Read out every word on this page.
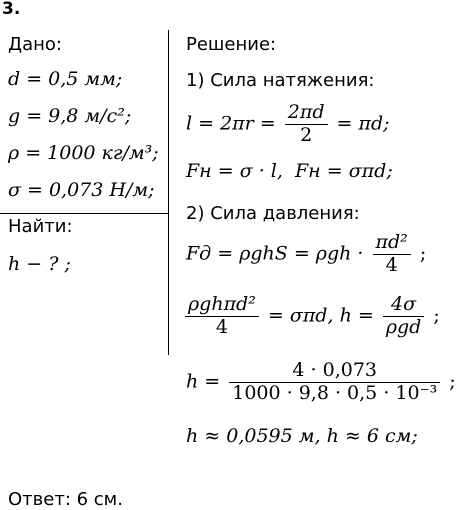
3.
Дано:
d = 0,5 мм;
g = 9,8 м/с²;
ρ = 1000 кг/м³;
σ = 0,073 Н/м;
Найти:
h − ? ;
Решение:
1) Сила натяжения:
$l = 2\pi r = \frac{2\pi d}{2} = \pi d$;
Fн = σ · l, Fн = σπd;
2) Сила давления:
Fд = $\rho ghS = \rho gh \cdot \frac{\text{πd²}}{4}$ ;
$\frac{\text{ρghπd²}}{4} = \sigma\pi d$, $h = \frac{4\sigma}{\text{ρgd}}$ ;
$h = \frac{4 \cdot 0,073}{\text{1000 · 9,8 · 0,5 · 10⁻³}}$ ;
h ≈ 0,0595 м, h ≈ 6 см;
Ответ: 6 см.
